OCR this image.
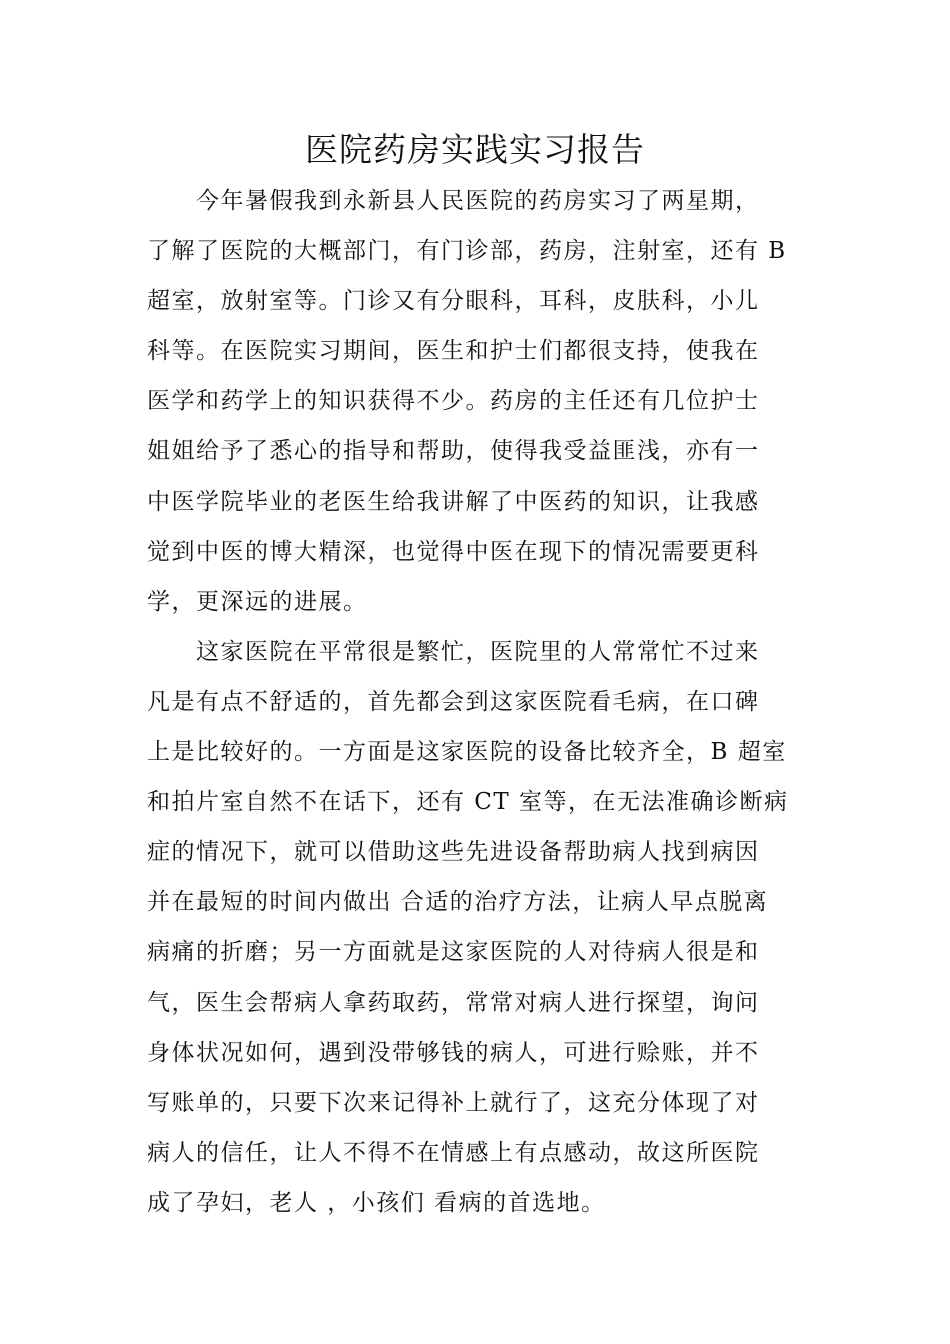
医院药房实践实习报告
今年暑假我到永新县人民医院的药房实习了两星期，
了解了医院的大概部门，有门诊部，药房，注射室，还有 B
超室，放射室等。门诊又有分眼科，耳科，皮肤科，小儿
科等。在医院实习期间，医生和护士们都很支持，使我在
医学和药学上的知识获得不少。药房的主任还有几位护士
姐姐给予了悉心的指导和帮助，使得我受益匪浅，亦有一
中医学院毕业的老医生给我讲解了中医药的知识，让我感
觉到中医的博大精深，也觉得中医在现下的情况需要更科
学，更深远的进展。
这家医院在平常很是繁忙，医院里的人常常忙不过来
凡是有点不舒适的，首先都会到这家医院看毛病，在口碑
上是比较好的。一方面是这家医院的设备比较齐全，B 超室
和拍片室自然不在话下，还有 CT 室等，在无法准确诊断病
症的情况下，就可以借助这些先进设备帮助病人找到病因
并在最短的时间内做出 合适的治疗方法，让病人早点脱离
病痛的折磨；另一方面就是这家医院的人对待病人很是和
气，医生会帮病人拿药取药，常常对病人进行探望，询问
身体状况如何，遇到没带够钱的病人，可进行赊账，并不
写账单的，只要下次来记得补上就行了，这充分体现了对
病人的信任，让人不得不在情感上有点感动，故这所医院
成了孕妇，老人 ，小孩们 看病的首选地。
